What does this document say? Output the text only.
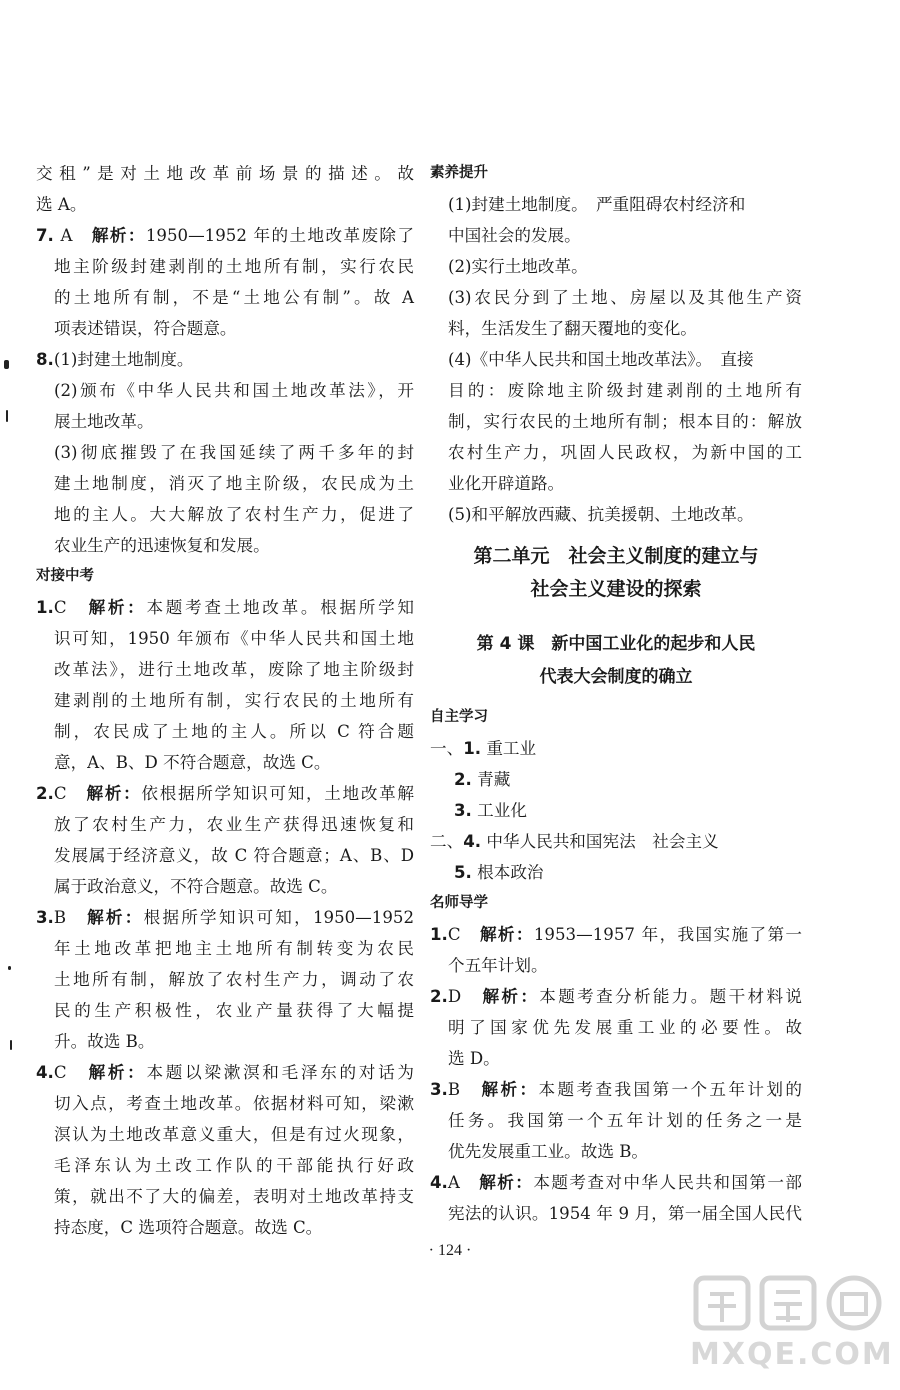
交租”是对土地改革前场景的描述。故
选 A。
7. A　 解析：1950—1952 年的土地改革废除了
地主阶级封建剥削的土地所有制，实行农民
的土地所有制，不是“土地公有制”。故 A
项表述错误，符合题意。
8.(1)封建土地制度。
(2)颁布《中华人民共和国土地改革法》，开
展土地改革。
(3)彻底摧毁了在我国延续了两千多年的封
建土地制度，消灭了地主阶级，农民成为土
地的主人。大大解放了农村生产力，促进了
农业生产的迅速恢复和发展。
对接中考
1.C　 解析：本题考查土地改革。根据所学知
识可知，1950 年颁布《中华人民共和国土地
改革法》，进行土地改革，废除了地主阶级封
建剥削的土地所有制，实行农民的土地所有
制，农民成了土地的主人。所以 C 符合题
意，A、B、D 不符合题意，故选 C。
2.C　 解析：依根据所学知识可知，土地改革解
放了农村生产力，农业生产获得迅速恢复和
发展属于经济意义，故 C 符合题意；A、B、D
属于政治意义，不符合题意。故选 C。
3.B　 解析：根据所学知识可知，1950—1952
年土地改革把地主土地所有制转变为农民
土地所有制，解放了农村生产力，调动了农
民的生产积极性，农业产量获得了大幅提
升。故选 B。
4.C　 解析：本题以梁漱溟和毛泽东的对话为
切入点，考查土地改革。依据材料可知，梁漱
溟认为土地改革意义重大，但是有过火现象，
毛泽东认为土改工作队的干部能执行好政
策，就出不了大的偏差，表明对土地改革持支
持态度，C 选项符合题意。故选 C。
素养提升
(1)封建土地制度。　 严重阻碍农村经济和
中国社会的发展。
(2)实行土地改革。
(3)农民分到了土地、房屋以及其他生产资
料，生活发生了翻天覆地的变化。
(4)《中华人民共和国土地改革法》。　 直接
目的：废除地主阶级封建剥削的土地所有
制，实行农民的土地所有制；根本目的：解放
农村生产力，巩固人民政权，为新中国的工
业化开辟道路。
(5)和平解放西藏、抗美援朝、土地改革。
第二单元　社会主义制度的建立与
社会主义建设的探索
第 4 课　新中国工业化的起步和人民
代表大会制度的确立
自主学习
一、1. 重工业
2. 青藏
3. 工业化
二、4. 中华人民共和国宪法　社会主义
5. 根本政治
名师导学
1.C　 解析：1953—1957 年，我国实施了第一
个五年计划。
2.D　 解析：本题考查分析能力。题干材料说
明了国家优先发展重工业的必要性。故
选 D。
3.B　 解析：本题考查我国第一个五年计划的
任务。我国第一个五年计划的任务之一是
优先发展重工业。故选 B。
4.A　 解析：本题考查对中华人民共和国第一部
宪法的认识。1954 年 9 月，第一届全国人民代
· 124 ·
MXQE.COM
